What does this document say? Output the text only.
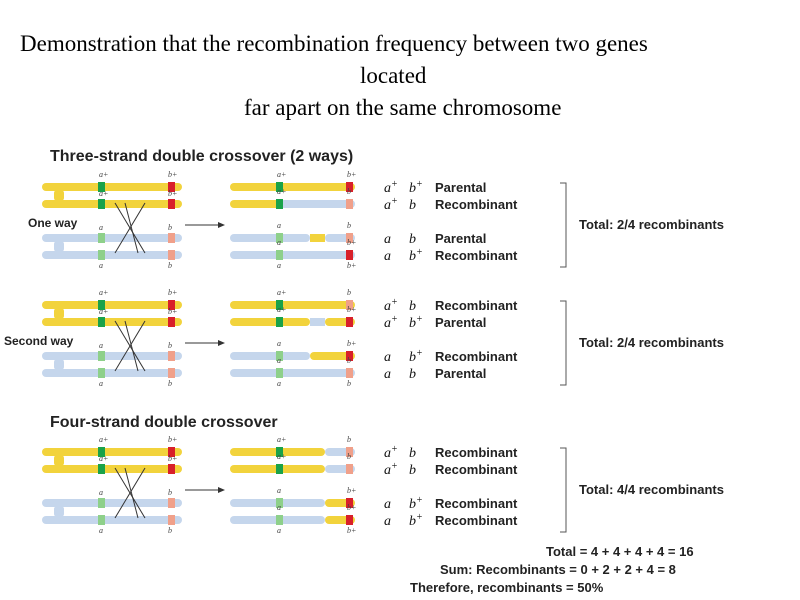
Demonstration that the recombination frequency between two genes
located
far apart on the same chromosome
Three-strand double crossover (2 ways)
Four-strand double crossover
One way
Second way
a+	b+
a+	b+
a	b
a	b
a+	b+
a+	b
a	b
a	b+
a	b+
a+ b+ Parental
a+ b Recombinant
a b Parental
a b+ Recombinant
Total: 2/4 recombinants
a+	b+
a+	b+
a	b
a	b
a+	b
a+	b+
a	b+
a	b
a	b
a+ b Recombinant
a+ b+ Parental
a b+ Recombinant
a b Parental
Total: 2/4 recombinants
a+	b+
a+	b+
a	b
a	b
a+	b
a+	b
a	b+
a	b+
a	b+
a+ b Recombinant
a+ b Recombinant
a b+ Recombinant
a b+ Recombinant
Total: 4/4 recombinants
Total = 4 + 4 + 4 + 4 = 16
Sum: Recombinants = 0 + 2 + 2 + 4 = 8
Therefore, recombinants = 50%
